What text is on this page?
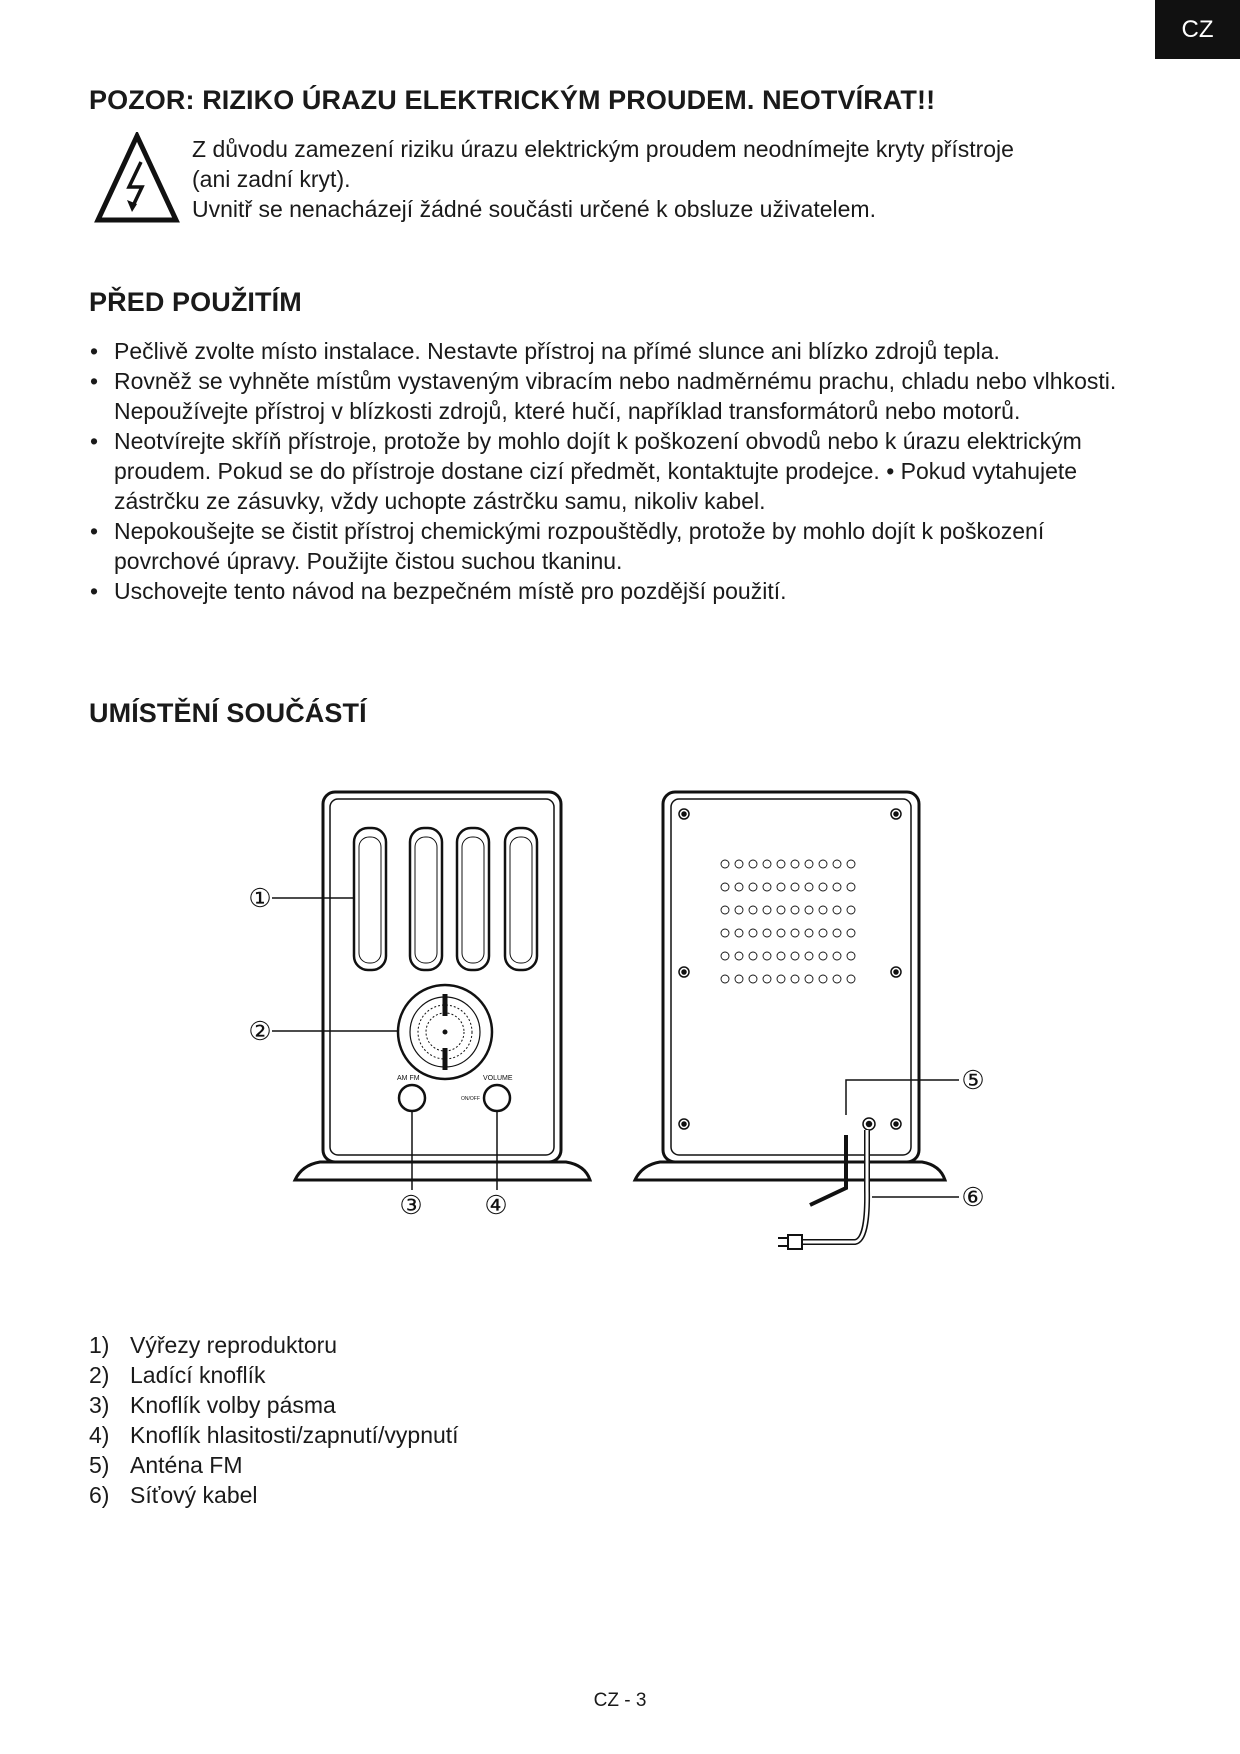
CZ
POZOR: RIZIKO ÚRAZU ELEKTRICKÝM PROUDEM. NEOTVÍRAT!!
Z důvodu zamezení riziku úrazu elektrickým proudem neodnímejte kryty přístroje
(ani zadní kryt).
Uvnitř se nenacházejí žádné součásti určené k obsluze uživatelem.
PŘED POUŽITÍM
• Pečlivě zvolte místo instalace. Nestavte přístroj na přímé slunce ani blízko zdrojů tepla.
• Rovněž se vyhněte místům vystaveným vibracím nebo nadměrnému prachu, chladu nebo vlhkosti. Nepoužívejte přístroj v blízkosti zdrojů, které hučí, například transformátorů nebo motorů.
• Neotvírejte skříň přístroje, protože by mohlo dojít k poškození obvodů nebo k úrazu elektrickým proudem. Pokud se do přístroje dostane cizí předmět, kontaktujte prodejce. • Pokud vytahujete zástrčku ze zásuvky, vždy uchopte zástrčku samu, nikoliv kabel.
• Nepokoušejte se čistit přístroj chemickými rozpouštědly, protože by mohlo dojít k poškození povrchové úpravy. Použijte čistou suchou tkaninu.
• Uschovejte tento návod na bezpečném místě pro pozdější použití.
UMÍSTĚNÍ SOUČÁSTÍ
AM FM	VOLUME
ON/OFF
①
②
③ ④
⑤
⑥
1) Výřezy reproduktoru
2) Ladící knoflík
3) Knoflík volby pásma
4) Knoflík hlasitosti/zapnutí/vypnutí
5) Anténa FM
6) Síťový kabel
CZ - 3
